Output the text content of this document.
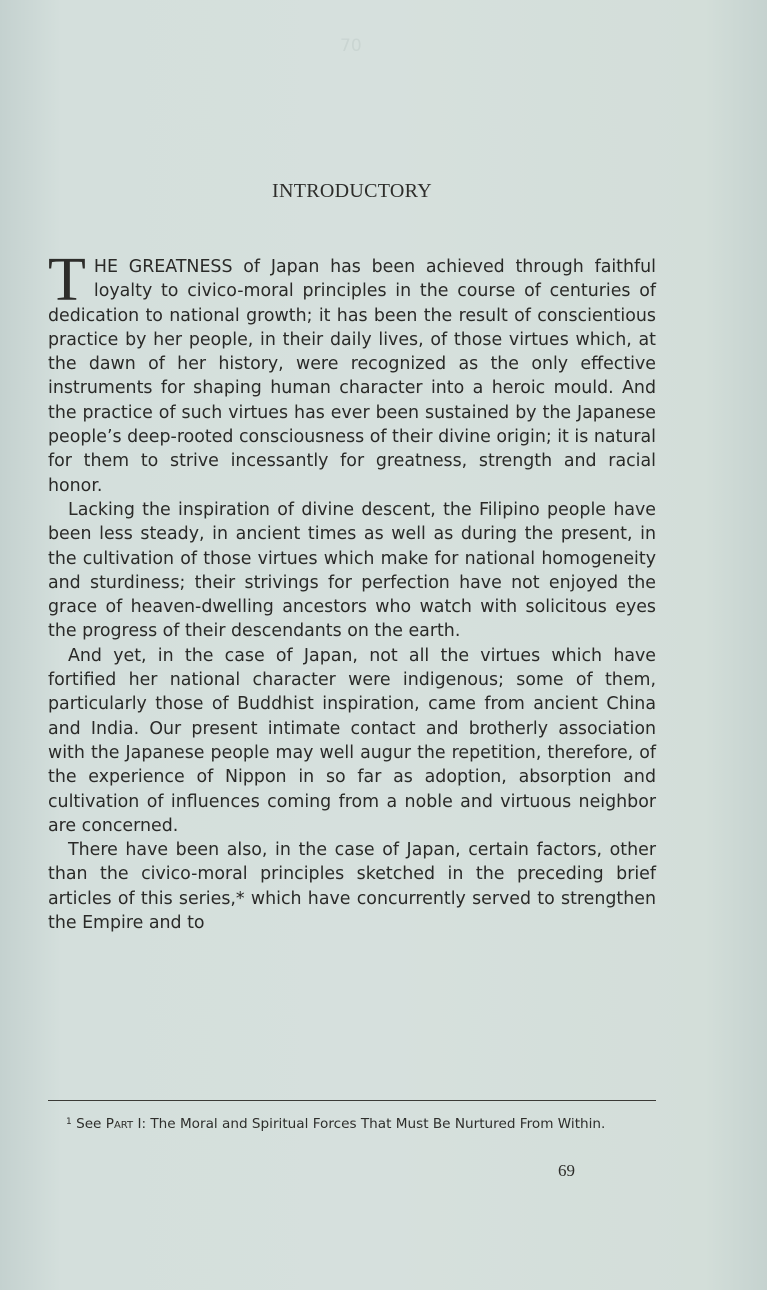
70
INTRODUCTORY

THE GREATNESS of Japan has been achieved through faithful loyalty to civico-moral principles in the course of centuries of dedication to national growth; it has been the result of conscientious practice by her people, in their daily lives, of those virtues which, at the dawn of her history, were recognized as the only effective instruments for shaping human character into a heroic mould. And the practice of such virtues has ever been sustained by the Japanese people’s deep-rooted consciousness of their divine origin; it is natural for them to strive incessantly for greatness, strength and racial honor.

Lacking the inspiration of divine descent, the Filipino people have been less steady, in ancient times as well as during the present, in the cultivation of those virtues which make for national homogeneity and sturdiness; their strivings for perfection have not enjoyed the grace of heaven-dwelling ancestors who watch with solicitous eyes the progress of their descendants on the earth.

And yet, in the case of Japan, not all the virtues which have fortified her national character were indigenous; some of them, particularly those of Buddhist inspiration, came from ancient China and India. Our present intimate contact and brotherly association with the Japanese people may well augur the repetition, therefore, of the experience of Nippon in so far as adoption, absorption and cultivation of influences coming from a noble and virtuous neighbor are concerned.

There have been also, in the case of Japan, certain factors, other than the civico-moral principles sketched in the preceding brief articles of this series,* which have concurrently served to strengthen the Empire and to

$^1$ See Part I: The Moral and Spiritual Forces That Must Be Nurtured From Within.
69
